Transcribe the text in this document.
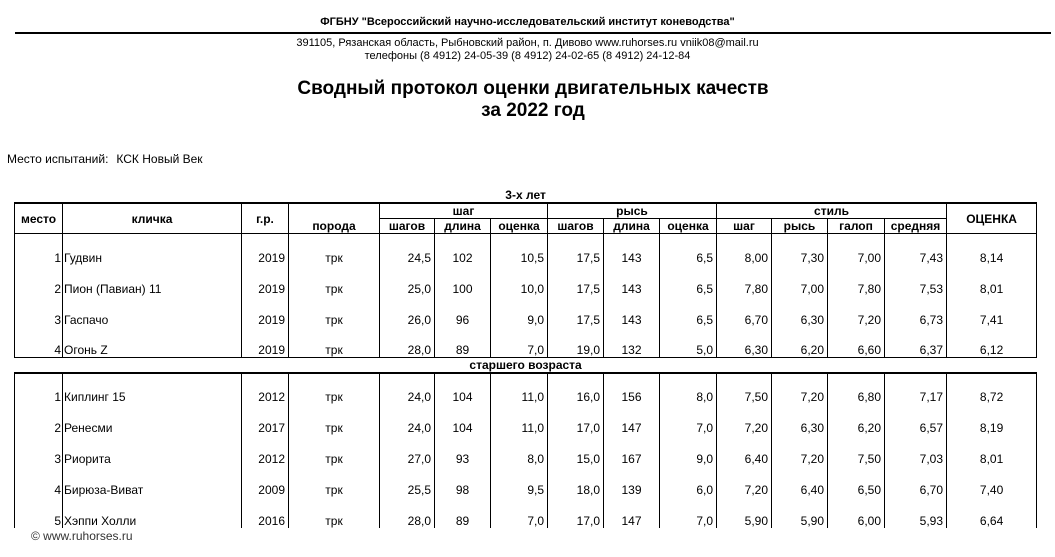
ФГБНУ "Всероссийский научно-исследовательский институт коневодства"
391105, Рязанская область, Рыбновский район, п. Дивово www.ruhorses.ru vniik08@mail.ru
телефоны (8 4912) 24-05-39 (8 4912) 24-02-65 (8 4912) 24-12-84
Сводный протокол оценки двигательных качеств
за 2022 год
Место испытаний: КСК Новый Век
3-х лет														
место	кличка	г.р.	порода	шаг			рысь			стиль				ОЦЕНКА
				шагов	длина	оценка	шагов	длина	оценка	шаг	рысь	галоп	средняя	
1	Гудвин	2019	трк	24,5	102	10,5	17,5	143	6,5	8,00	7,30	7,00	7,43	8,14
2	Пион (Павиан) 11	2019	трк	25,0	100	10,0	17,5	143	6,5	7,80	7,00	7,80	7,53	8,01
3	Гаспачо	2019	трк	26,0	96	9,0	17,5	143	6,5	6,70	6,30	7,20	6,73	7,41
4	Огонь Z	2019	трк	28,0	89	7,0	19,0	132	5,0	6,30	6,20	6,60	6,37	6,12
старшего возраста														
1	Киплинг 15	2012	трк	24,0	104	11,0	16,0	156	8,0	7,50	7,20	6,80	7,17	8,72
2	Ренесми	2017	трк	24,0	104	11,0	17,0	147	7,0	7,20	6,30	6,20	6,57	8,19
3	Риорита	2012	трк	27,0	93	8,0	15,0	167	9,0	6,40	7,20	7,50	7,03	8,01
4	Бирюза-Виват	2009	трк	25,5	98	9,5	18,0	139	6,0	7,20	6,40	6,50	6,70	7,40
5	Хэппи Холли	2016	трк	28,0	89	7,0	17,0	147	7,0	5,90	5,90	6,00	5,93	6,64
© www.ruhorses.ru
